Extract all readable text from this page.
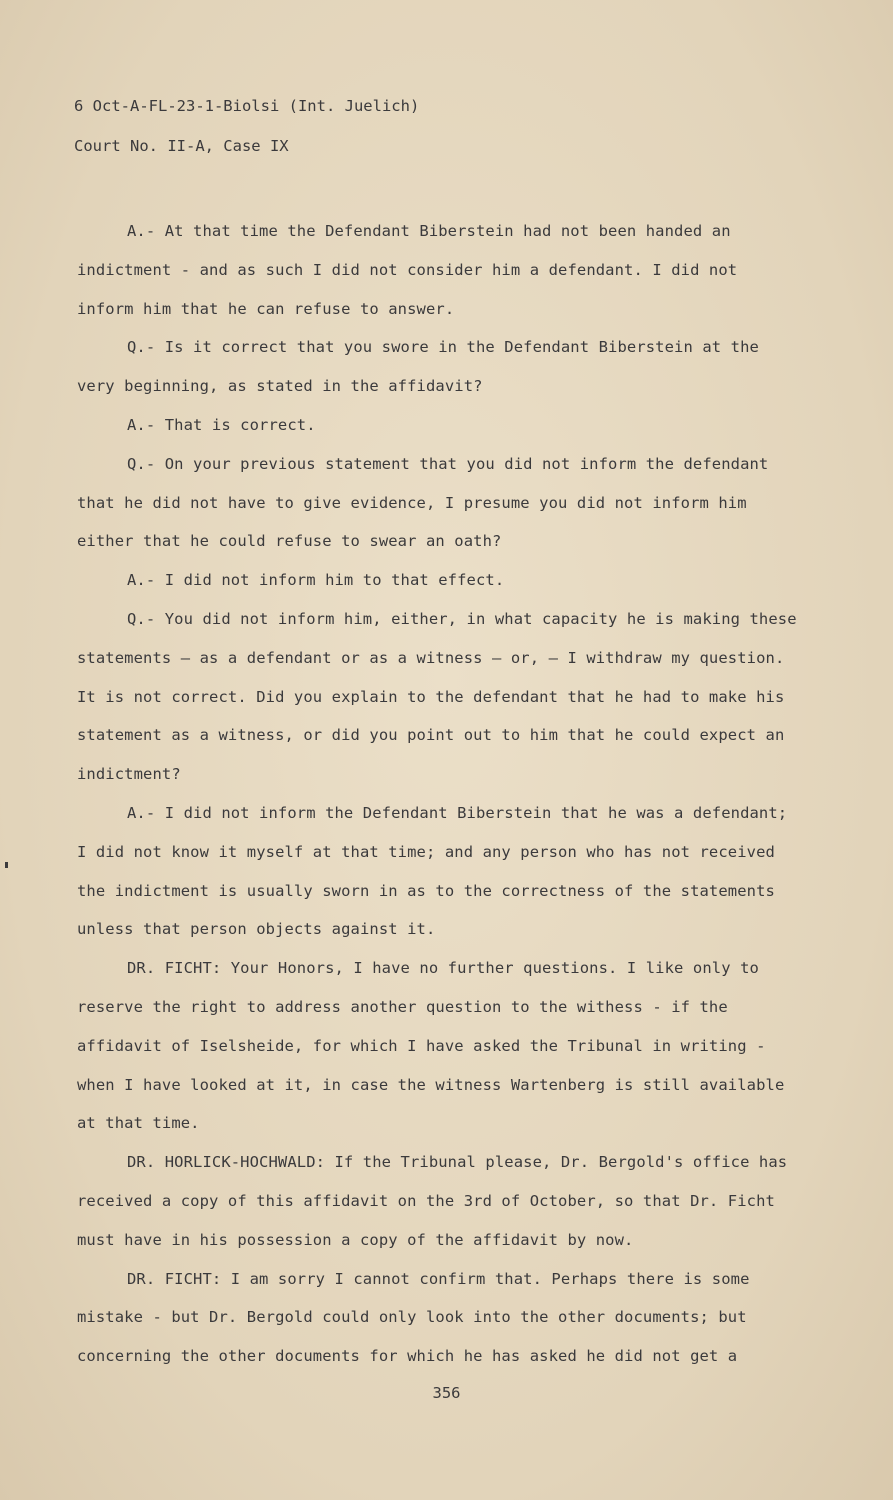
6 Oct-A-FL-23-1-Biolsi (Int. Juelich)
Court No. II-A, Case IX

A.- At that time the Defendant Biberstein had not been handed an indictment - and as such I did not consider him a defendant. I did not inform him that he can refuse to answer.

Q.- Is it correct that you swore in the Defendant Biberstein at the very beginning, as stated in the affidavit?

A.- That is correct.

Q.- On your previous statement that you did not inform the defendant that he did not have to give evidence, I presume you did not inform him either that he could refuse to swear an oath?

A.- I did not inform him to that effect.

Q.- You did not inform him, either, in what capacity he is making these statements — as a defendant or as a witness — or, — I withdraw my question. It is not correct. Did you explain to the defendant that he had to make his statement as a witness, or did you point out to him that he could expect an indictment?

A.- I did not inform the Defendant Biberstein that he was a defendant; I did not know it myself at that time; and any person who has not received the indictment is usually sworn in as to the correctness of the statements unless that person objects against it.

DR. FICHT: Your Honors, I have no further questions. I like only to reserve the right to address another question to the withess - if the affidavit of Iselsheide, for which I have asked the Tribunal in writing - when I have looked at it, in case the witness Wartenberg is still available at that time.

DR. HORLICK-HOCHWALD: If the Tribunal please, Dr. Bergold's office has received a copy of this affidavit on the 3rd of October, so that Dr. Ficht must have in his possession a copy of the affidavit by now.

DR. FICHT: I am sorry I cannot confirm that. Perhaps there is some mistake - but Dr. Bergold could only look into the other documents; but concerning the other documents for which he has asked he did not get a

356
